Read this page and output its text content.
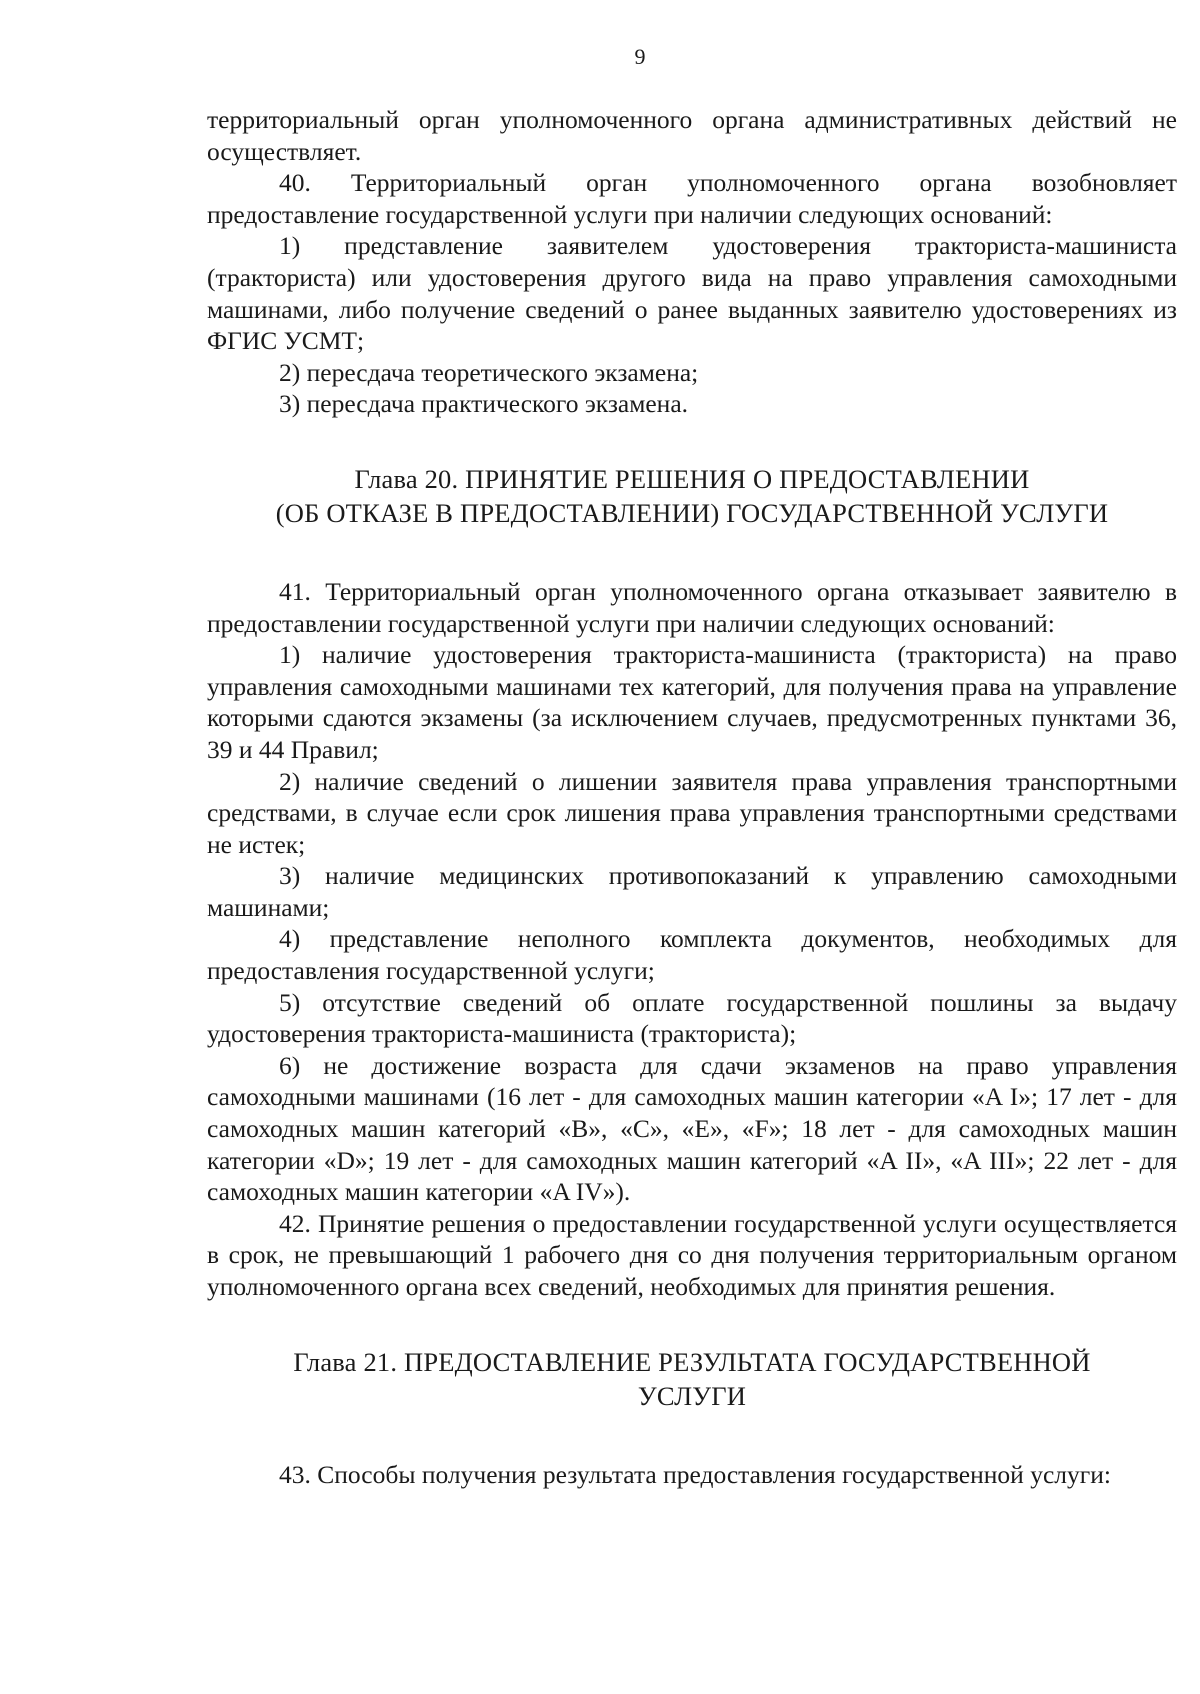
9

территориальный орган уполномоченного органа административных действий не осуществляет.

40. Территориальный орган уполномоченного органа возобновляет предоставление государственной услуги при наличии следующих оснований:

1) представление заявителем удостоверения тракториста-машиниста (тракториста) или удостоверения другого вида на право управления самоходными машинами, либо получение сведений о ранее выданных заявителю удостоверениях из ФГИС УСМТ;

2) пересдача теоретического экзамена;

3) пересдача практического экзамена.

Глава 20. ПРИНЯТИЕ РЕШЕНИЯ О ПРЕДОСТАВЛЕНИИ
(ОБ ОТКАЗЕ В ПРЕДОСТАВЛЕНИИ) ГОСУДАРСТВЕННОЙ УСЛУГИ

41. Территориальный орган уполномоченного органа отказывает заявителю в предоставлении государственной услуги при наличии следующих оснований:

1) наличие удостоверения тракториста-машиниста (тракториста) на право управления самоходными машинами тех категорий, для получения права на управление которыми сдаются экзамены (за исключением случаев, предусмотренных пунктами 36, 39 и 44 Правил;

2) наличие сведений о лишении заявителя права управления транспортными средствами, в случае если срок лишения права управления транспортными средствами не истек;

3) наличие медицинских противопоказаний к управлению самоходными машинами;

4) представление неполного комплекта документов, необходимых для предоставления государственной услуги;

5) отсутствие сведений об оплате государственной пошлины за выдачу удостоверения тракториста-машиниста (тракториста);

6) не достижение возраста для сдачи экзаменов на право управления самоходными машинами (16 лет - для самоходных машин категории «A I»; 17 лет - для самоходных машин категорий «B», «C», «E», «F»; 18 лет - для самоходных машин категории «D»; 19 лет - для самоходных машин категорий «A II», «A III»; 22 лет - для самоходных машин категории «A IV»).

42. Принятие решения о предоставлении государственной услуги осуществляется в срок, не превышающий 1 рабочего дня со дня получения территориальным органом уполномоченного органа всех сведений, необходимых для принятия решения.

Глава 21. ПРЕДОСТАВЛЕНИЕ РЕЗУЛЬТАТА ГОСУДАРСТВЕННОЙ
УСЛУГИ

43. Способы получения результата предоставления государственной услуги:
